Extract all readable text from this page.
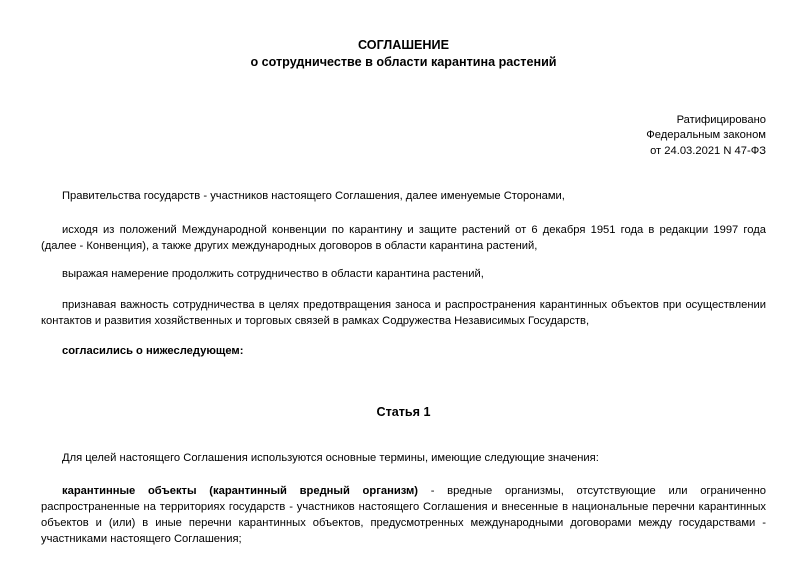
СОГЛАШЕНИЕ
о сотрудничестве в области карантина растений
Ратифицировано
Федеральным законом
от 24.03.2021 N 47-ФЗ
Правительства государств - участников настоящего Соглашения, далее именуемые Сторонами,
исходя из положений Международной конвенции по карантину и защите растений от 6 декабря 1951 года в редакции 1997 года (далее - Конвенция), а также других международных договоров в области карантина растений,
выражая намерение продолжить сотрудничество в области карантина растений,
признавая важность сотрудничества в целях предотвращения заноса и распространения карантинных объектов при осуществлении контактов и развития хозяйственных и торговых связей в рамках Содружества Независимых Государств,
согласились о нижеследующем:
Статья 1
Для целей настоящего Соглашения используются основные термины, имеющие следующие значения:
карантинные объекты (карантинный вредный организм) - вредные организмы, отсутствующие или ограниченно распространенные на территориях государств - участников настоящего Соглашения и внесенные в национальные перечни карантинных объектов и (или) в иные перечни карантинных объектов, предусмотренных международными договорами между государствами - участниками настоящего Соглашения;
